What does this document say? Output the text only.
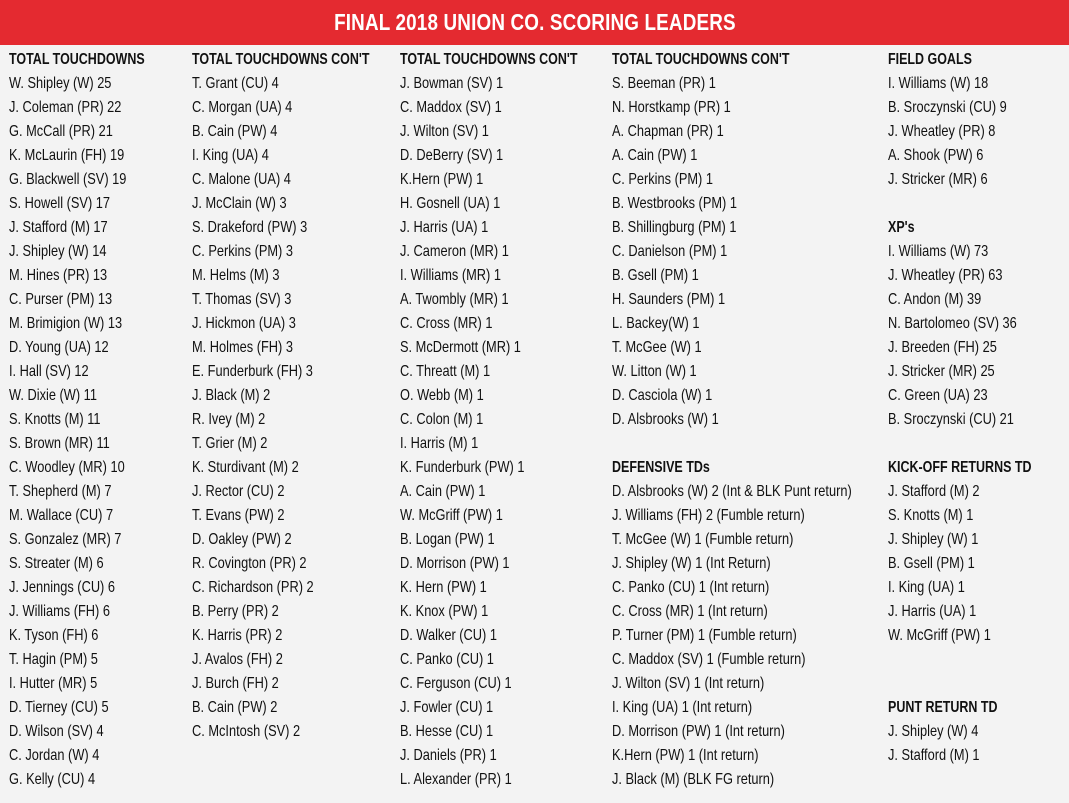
FINAL 2018 UNION CO. SCORING LEADERS
TOTAL TOUCHDOWNS
W. Shipley (W) 25
J. Coleman (PR) 22
G. McCall (PR) 21
K. McLaurin (FH) 19
G. Blackwell (SV) 19
S. Howell (SV) 17
J. Stafford (M) 17
J. Shipley (W) 14
M. Hines (PR) 13
C. Purser (PM) 13
M. Brimigion (W) 13
D. Young (UA) 12
I. Hall (SV) 12
W. Dixie (W) 11
S. Knotts (M) 11
S. Brown (MR) 11
C. Woodley (MR) 10
T. Shepherd (M) 7
M. Wallace (CU) 7
S. Gonzalez (MR) 7
S. Streater (M) 6
J. Jennings (CU) 6
J. Williams (FH) 6
K. Tyson (FH) 6
T. Hagin (PM) 5
I. Hutter (MR) 5
D. Tierney (CU) 5
D. Wilson (SV) 4
C. Jordan (W) 4
G. Kelly (CU) 4
TOTAL TOUCHDOWNS CON'T
T. Grant (CU) 4
C. Morgan (UA) 4
B. Cain (PW) 4
I. King (UA) 4
C. Malone (UA) 4
J. McClain (W) 3
S. Drakeford (PW) 3
C. Perkins (PM) 3
M. Helms (M) 3
T. Thomas (SV) 3
J. Hickmon (UA) 3
M. Holmes (FH) 3
E. Funderburk (FH) 3
J. Black (M) 2
R. Ivey (M) 2
T. Grier (M) 2
K. Sturdivant (M) 2
J. Rector (CU) 2
T. Evans (PW) 2
D. Oakley (PW) 2
R. Covington (PR) 2
C. Richardson (PR) 2
B. Perry (PR) 2
K. Harris (PR) 2
J. Avalos (FH) 2
J. Burch (FH) 2
B. Cain (PW) 2
C. McIntosh (SV) 2
TOTAL TOUCHDOWNS CON'T
J. Bowman (SV) 1
C. Maddox (SV) 1
J. Wilton (SV) 1
D. DeBerry (SV) 1
K.Hern (PW) 1
H. Gosnell (UA) 1
J. Harris (UA) 1
J. Cameron (MR) 1
I. Williams (MR) 1
A. Twombly (MR) 1
C. Cross (MR) 1
S. McDermott (MR) 1
C. Threatt (M) 1
O. Webb (M) 1
C. Colon (M) 1
I. Harris (M) 1
K. Funderburk (PW) 1
A. Cain (PW) 1
W. McGriff (PW) 1
B. Logan (PW) 1
D. Morrison (PW) 1
K. Hern (PW) 1
K. Knox (PW) 1
D. Walker (CU) 1
C. Panko (CU) 1
C. Ferguson (CU) 1
J. Fowler (CU) 1
B. Hesse (CU) 1
J. Daniels (PR) 1
L. Alexander (PR) 1
TOTAL TOUCHDOWNS CON'T
S. Beeman (PR) 1
N. Horstkamp (PR) 1
A. Chapman (PR) 1
A. Cain (PW) 1
C. Perkins (PM) 1
B. Westbrooks (PM) 1
B. Shillingburg (PM) 1
C. Danielson (PM) 1
B. Gsell (PM) 1
H. Saunders (PM) 1
L. Backey(W) 1
T. McGee (W) 1
W. Litton (W) 1
D. Casciola (W) 1
D. Alsbrooks (W) 1
DEFENSIVE TDs
D. Alsbrooks (W) 2 (Int & BLK Punt return)
J. Williams (FH) 2 (Fumble return)
T. McGee (W) 1 (Fumble return)
J. Shipley (W) 1 (Int Return)
C. Panko (CU) 1 (Int return)
C. Cross (MR) 1 (Int return)
P. Turner (PM) 1 (Fumble return)
C. Maddox (SV) 1 (Fumble return)
J. Wilton (SV) 1 (Int return)
I. King (UA) 1 (Int return)
D. Morrison (PW) 1 (Int return)
K.Hern (PW) 1 (Int return)
J. Black (M) (BLK FG return)
FIELD GOALS
I. Williams (W) 18
B. Sroczynski (CU) 9
J. Wheatley (PR) 8
A. Shook (PW) 6
J. Stricker (MR) 6
XP's
I. Williams (W) 73
J. Wheatley (PR) 63
C. Andon (M) 39
N. Bartolomeo (SV) 36
J. Breeden (FH) 25
J. Stricker (MR) 25
C. Green (UA) 23
B. Sroczynski (CU) 21
KICK-OFF RETURNS TD
J. Stafford (M) 2
S. Knotts (M) 1
J. Shipley (W) 1
B. Gsell (PM) 1
I. King (UA) 1
J. Harris (UA) 1
W. McGriff (PW) 1
PUNT RETURN TD
J. Shipley (W) 4
J. Stafford (M) 1
